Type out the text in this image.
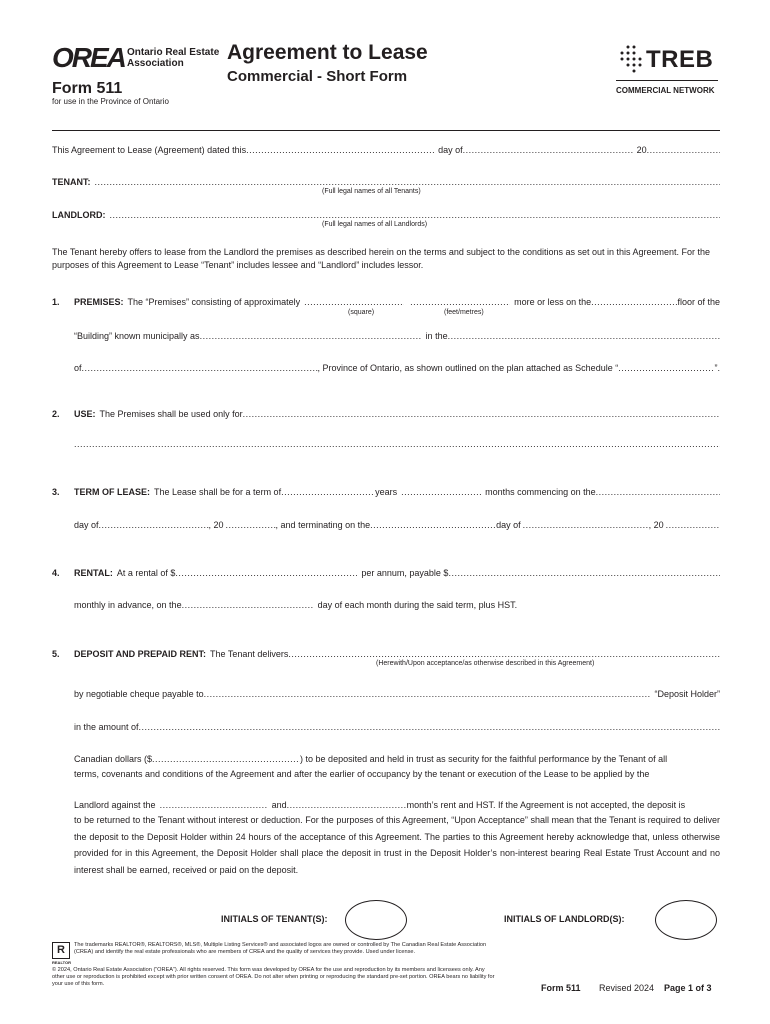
OREA Ontario Real Estate
Association
Form 511
for use in the Province of Ontario
Agreement to Lease
Commercial - Short Form
TREB
COMMERCIAL NETWORK
This Agreement to Lease (Agreement) dated this .....	day of .....	20
.....
TENANT:
.....
(Full legal names of all Tenants)
LANDLORD:
.....
(Full legal names of all Landlords)
The Tenant hereby offers to lease from the Landlord the premises as described herein on the terms and subject to the conditions as set out in this Agreement. For the purposes of this Agreement to Lease “Tenant” includes lessee and “Landlord” includes lessor.
1. PREMISES: The “Premises” consisting of approximately ..... .....	more or less on the .....	floor of the
(square)	(feet/metres)
“Building” known municipally as .....	in the
.....
of .....	, Province of Ontario, as shown outlined on the plan attached as Schedule “ .....	”.
2. USE: The Premises shall be used only for
.....
.....
3. TERM OF LEASE: The Lease shall be for a term of .....	years .....	months commencing on the
.....
day of .....	, 20 .....	, and terminating on the .....	day of .....	, 20
.....
4. RENTAL: At a rental of $ .....	per annum, payable $
.....
monthly in advance, on the .....	day of each month during the said term, plus HST.
5. DEPOSIT AND PREPAID RENT: The Tenant delivers
.....
(Herewith/Upon acceptance/as otherwise described in this Agreement)
by negotiable cheque payable to .....	“Deposit Holder”
in the amount of
.....
Canadian dollars ($ .....	) to be deposited and held in trust as security for the faithful performance by the Tenant of all
terms, covenants and conditions of the Agreement and after the earlier of occupancy by the tenant or execution of the Lease to be applied by the
Landlord against the .....	and .....	month’s rent and HST. If the Agreement is not accepted, the deposit is
to be returned to the Tenant without interest or deduction. For the purposes of this Agreement, “Upon Acceptance” shall mean that the Tenant is required to deliver the deposit to the Deposit Holder within 24 hours of the acceptance of this Agreement. The parties to this Agreement hereby acknowledge that, unless otherwise provided for in this Agreement, the Deposit Holder shall place the deposit in trust in the Deposit Holder’s non-interest bearing Real Estate Trust Account and no interest shall be earned, received or paid on the deposit.
INITIALS OF TENANT(S):	INITIALS OF LANDLORD(S):
R
REALTOR
The trademarks REALTOR®, REALTORS®, MLS®, Multiple Listing Services® and associated logos are owned or controlled by The Canadian Real Estate Association (CREA) and identify the real estate professionals who are members of CREA and the quality of services they provide. Used under license.
© 2024, Ontario Real Estate Association (“OREA”). All rights reserved. This form was developed by OREA for the use and reproduction by its members and licensees only. Any other use or reproduction is prohibited except with prior written consent of OREA. Do not alter when printing or reproducing the standard pre-set portion. OREA bears no liability for your use of this form.	Form 511 Revised 2024 Page 1 of 3
